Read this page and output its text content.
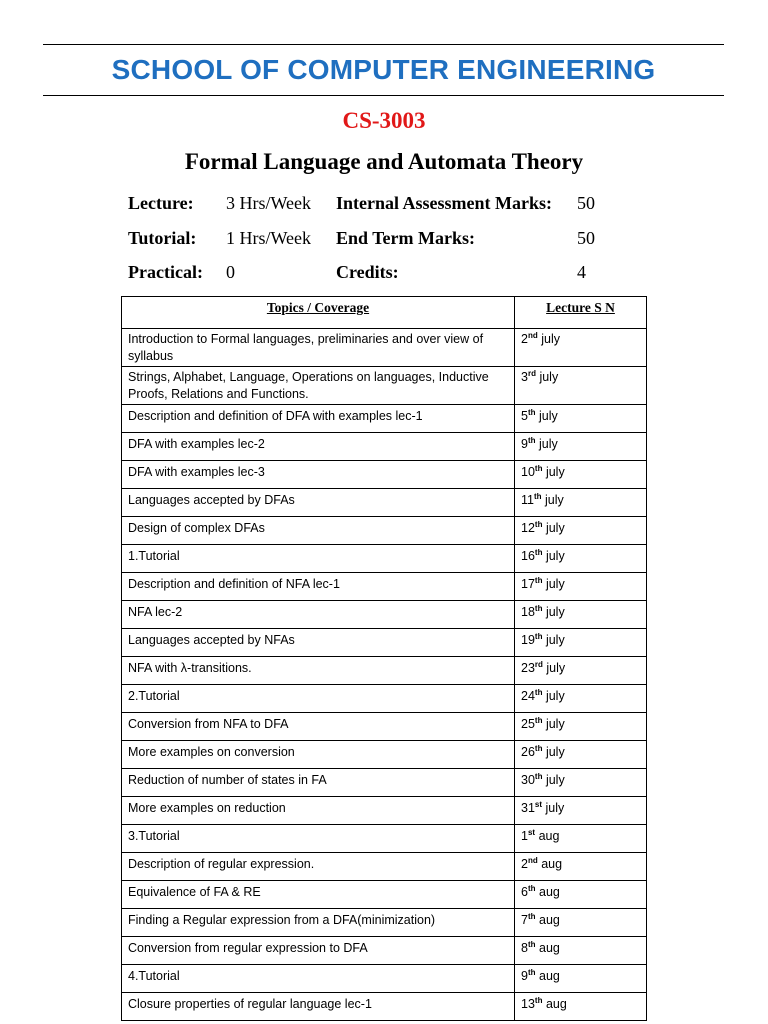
SCHOOL OF COMPUTER ENGINEERING
CS-3003
Formal Language and Automata Theory
Lecture: 3 Hrs/Week Internal Assessment Marks: 50
Tutorial: 1 Hrs/Week End Term Marks:	50
Practical: 0	Credits:	4
Topics / Coverage	Lecture S N
Introduction to Formal languages, preliminaries and over view of syllabus	2nd july
Strings, Alphabet, Language, Operations on languages, Inductive Proofs, Relations and Functions.	3rd july
Description and definition of DFA with examples lec-1	5th july
DFA with examples lec-2	9th july
DFA with examples lec-3	10th july
Languages accepted by DFAs	11th july
Design of complex DFAs	12th july
1.Tutorial	16th july
Description and definition of NFA lec-1	17th july
NFA lec-2	18th july
Languages accepted by NFAs	19th july
NFA with λ-transitions.	23rd july
2.Tutorial	24th july
Conversion from NFA to DFA	25th july
More examples on conversion	26th july
Reduction of number of states in FA	30th july
More examples on reduction	31st july
3.Tutorial	1st aug
Description of regular expression.	2nd aug
Equivalence of FA & RE	6th aug
Finding a Regular expression from a DFA(minimization)	7th aug
Conversion from regular expression to DFA	8th aug
4.Tutorial	9th aug
Closure properties of regular language lec-1	13th aug
